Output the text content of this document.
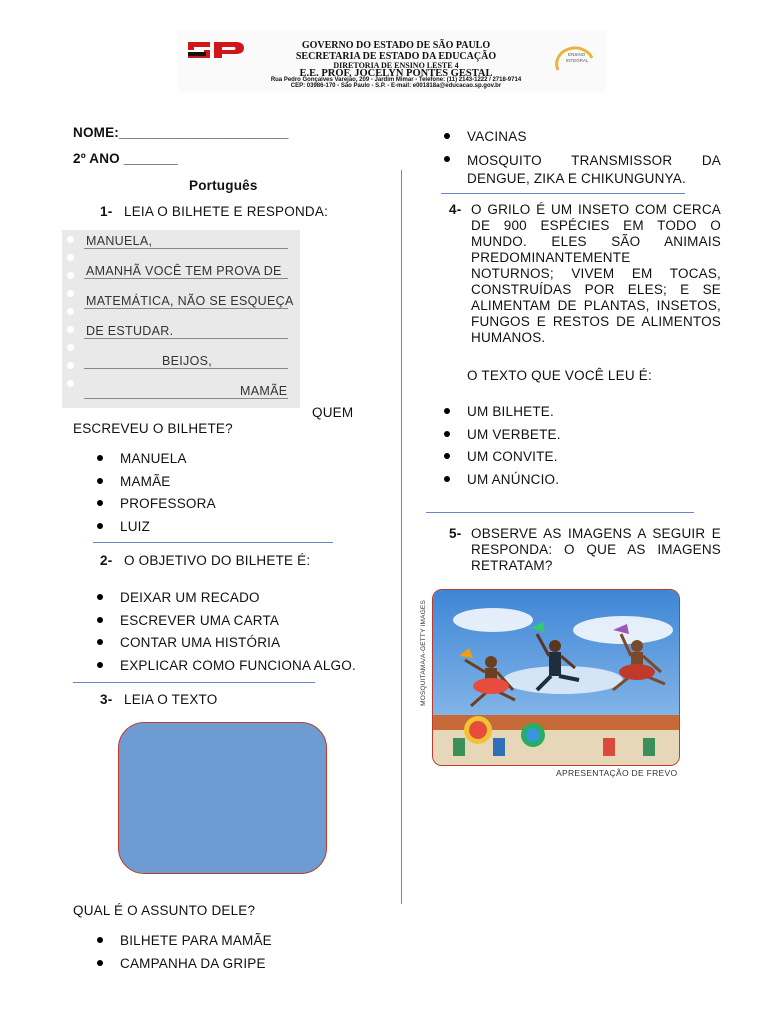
GOVERNO DO ESTADO DE SÃO PAULO
SECRETARIA DE ESTADO DA EDUCAÇÃO
DIRETORIA DE ENSINO LESTE 4
E.E. PROF. JOCELYN PONTES GESTAL
Rua Pedro Gonçalves Varejão, 209 - Jardim Mimar - Telefone: (11) 2143-1222 / 2718-9714
CEP: 03986-170 - São Paulo - S.P. - E-mail: e001818a@educacao.sp.gov.br
ENSINO
INTEGRAL
NOME:______________________
2º ANO _______
Português
1- LEIA O BILHETE E RESPONDA:
MANUELA,
AMANHÃ VOCÊ TEM PROVA DE
MATEMÁTICA, NÃO SE ESQUEÇA
DE ESTUDAR.
BEIJOS,
MAMÃE
QUEM
ESCREVEU O BILHETE?
MANUELA
MAMÃE
PROFESSORA
LUIZ
2- O OBJETIVO DO BILHETE É:
DEIXAR UM RECADO
ESCREVER UMA CARTA
CONTAR UMA HISTÓRIA
EXPLICAR COMO FUNCIONA ALGO.
3- LEIA O TEXTO
QUAL É O ASSUNTO DELE?
BILHETE PARA MAMÃE
CAMPANHA DA GRIPE
VACINAS
MOSQUITO TRANSMISSOR DA DENGUE, ZIKA E CHIKUNGUNYA.
4- O GRILO É UM INSETO COM CERCA
DE 900 ESPÉCIES EM TODO O
MUNDO. ELES SÃO ANIMAIS
PREDOMINANTEMENTE
NOTURNOS; VIVEM EM TOCAS,
CONSTRUÍDAS POR ELES; E SE
ALIMENTAM DE PLANTAS, INSETOS,
FUNGOS E RESTOS DE ALIMENTOS
HUMANOS.
O TEXTO QUE VOCÊ LEU É:
UM BILHETE.
UM VERBETE.
UM CONVITE.
UM ANÚNCIO.
5- OBSERVE AS IMAGENS A SEGUIR E
RESPONDA: O QUE AS IMAGENS
RETRATAM?
MOSQUITAMA/A-GETTY IMAGES
APRESENTAÇÃO DE FREVO
